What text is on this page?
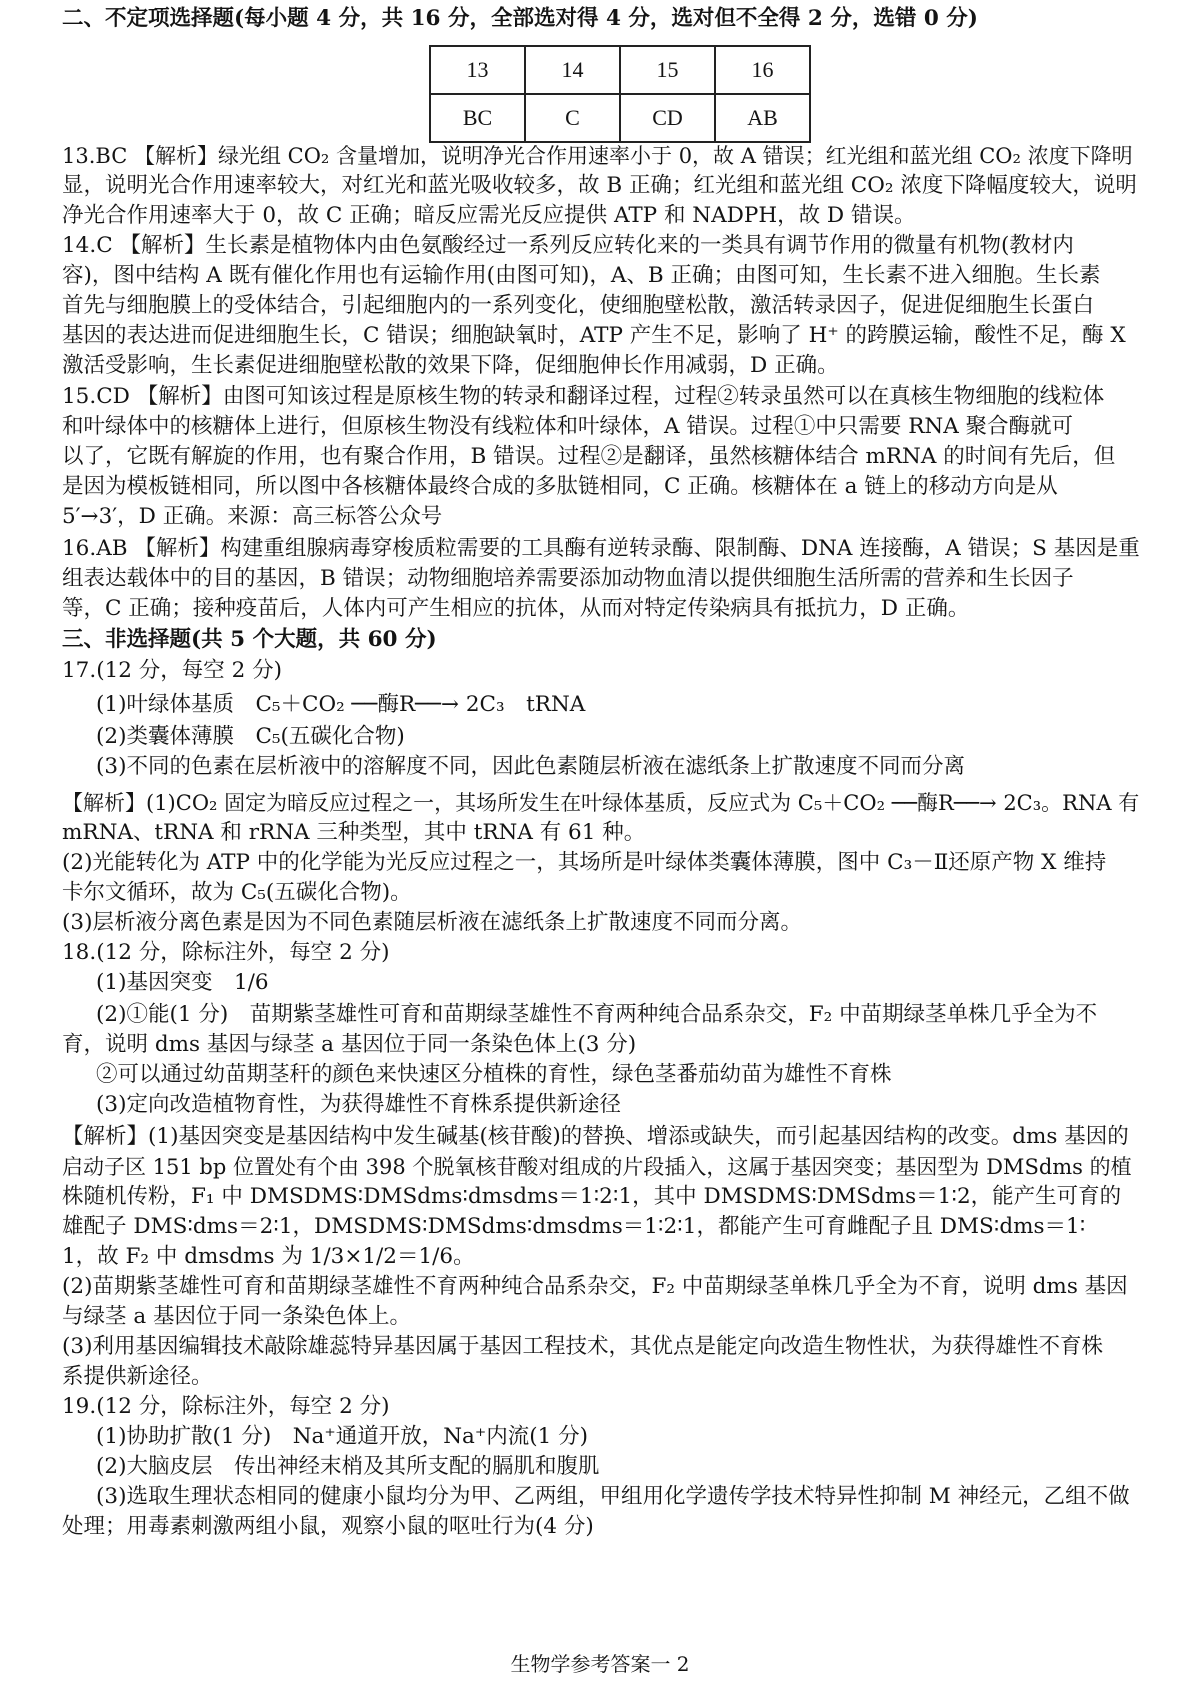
二、不定项选择题(每小题 4 分，共 16 分，全部选对得 4 分，选对但不全得 2 分，选错 0 分)
13	14	15	16
BC	C	CD	AB
13.BC 【解析】绿光组 CO₂ 含量增加，说明净光合作用速率小于 0，故 A 错误；红光组和蓝光组 CO₂ 浓度下降明
显，说明光合作用速率较大，对红光和蓝光吸收较多，故 B 正确；红光组和蓝光组 CO₂ 浓度下降幅度较大，说明
净光合作用速率大于 0，故 C 正确；暗反应需光反应提供 ATP 和 NADPH，故 D 错误。
14.C 【解析】生长素是植物体内由色氨酸经过一系列反应转化来的一类具有调节作用的微量有机物(教材内
容)，图中结构 A 既有催化作用也有运输作用(由图可知)，A、B 正确；由图可知，生长素不进入细胞。生长素
首先与细胞膜上的受体结合，引起细胞内的一系列变化，使细胞壁松散，激活转录因子，促进促细胞生长蛋白
基因的表达进而促进细胞生长，C 错误；细胞缺氧时，ATP 产生不足，影响了 H⁺ 的跨膜运输，酸性不足，酶 X
激活受影响，生长素促进细胞壁松散的效果下降，促细胞伸长作用减弱，D 正确。
15.CD 【解析】由图可知该过程是原核生物的转录和翻译过程，过程②转录虽然可以在真核生物细胞的线粒体
和叶绿体中的核糖体上进行，但原核生物没有线粒体和叶绿体，A 错误。过程①中只需要 RNA 聚合酶就可
以了，它既有解旋的作用，也有聚合作用，B 错误。过程②是翻译，虽然核糖体结合 mRNA 的时间有先后，但
是因为模板链相同，所以图中各核糖体最终合成的多肽链相同，C 正确。核糖体在 a 链上的移动方向是从
5′→3′，D 正确。来源：高三标答公众号
16.AB 【解析】构建重组腺病毒穿梭质粒需要的工具酶有逆转录酶、限制酶、DNA 连接酶，A 错误；S 基因是重
组表达载体中的目的基因，B 错误；动物细胞培养需要添加动物血清以提供细胞生活所需的营养和生长因子
等，C 正确；接种疫苗后，人体内可产生相应的抗体，从而对特定传染病具有抵抗力，D 正确。
三、非选择题(共 5 个大题，共 60 分)
17.(12 分，每空 2 分)
(1)叶绿体基质　C₅＋CO₂ ──酶R──→ 2C₃　tRNA
(2)类囊体薄膜　C₅(五碳化合物)
(3)不同的色素在层析液中的溶解度不同，因此色素随层析液在滤纸条上扩散速度不同而分离
【解析】(1)CO₂ 固定为暗反应过程之一，其场所发生在叶绿体基质，反应式为 C₅＋CO₂ ──酶R──→ 2C₃。RNA 有
mRNA、tRNA 和 rRNA 三种类型，其中 tRNA 有 61 种。
(2)光能转化为 ATP 中的化学能为光反应过程之一，其场所是叶绿体类囊体薄膜，图中 C₃－Ⅱ还原产物 X 维持
卡尔文循环，故为 C₅(五碳化合物)。
(3)层析液分离色素是因为不同色素随层析液在滤纸条上扩散速度不同而分离。
18.(12 分，除标注外，每空 2 分)
(1)基因突变　1/6
(2)①能(1 分)　苗期紫茎雄性可育和苗期绿茎雄性不育两种纯合品系杂交，F₂ 中苗期绿茎单株几乎全为不
育，说明 dms 基因与绿茎 a 基因位于同一条染色体上(3 分)
②可以通过幼苗期茎秆的颜色来快速区分植株的育性，绿色茎番茄幼苗为雄性不育株
(3)定向改造植物育性，为获得雄性不育株系提供新途径
【解析】(1)基因突变是基因结构中发生碱基(核苷酸)的替换、增添或缺失，而引起基因结构的改变。dms 基因的
启动子区 151 bp 位置处有个由 398 个脱氧核苷酸对组成的片段插入，这属于基因突变；基因型为 DMSdms 的植
株随机传粉，F₁ 中 DMSDMS∶DMSdms∶dmsdms＝1∶2∶1，其中 DMSDMS∶DMSdms＝1∶2，能产生可育的
雄配子 DMS∶dms＝2∶1，DMSDMS∶DMSdms∶dmsdms＝1∶2∶1，都能产生可育雌配子且 DMS∶dms＝1∶
1，故 F₂ 中 dmsdms 为 1/3×1/2＝1/6。
(2)苗期紫茎雄性可育和苗期绿茎雄性不育两种纯合品系杂交，F₂ 中苗期绿茎单株几乎全为不育，说明 dms 基因
与绿茎 a 基因位于同一条染色体上。
(3)利用基因编辑技术敲除雄蕊特异基因属于基因工程技术，其优点是能定向改造生物性状，为获得雄性不育株
系提供新途径。
19.(12 分，除标注外，每空 2 分)
(1)协助扩散(1 分)　Na⁺通道开放，Na⁺内流(1 分)
(2)大脑皮层　传出神经末梢及其所支配的膈肌和腹肌
(3)选取生理状态相同的健康小鼠均分为甲、乙两组，甲组用化学遗传学技术特异性抑制 M 神经元，乙组不做
处理；用毒素刺激两组小鼠，观察小鼠的呕吐行为(4 分)
生物学参考答案一 2
